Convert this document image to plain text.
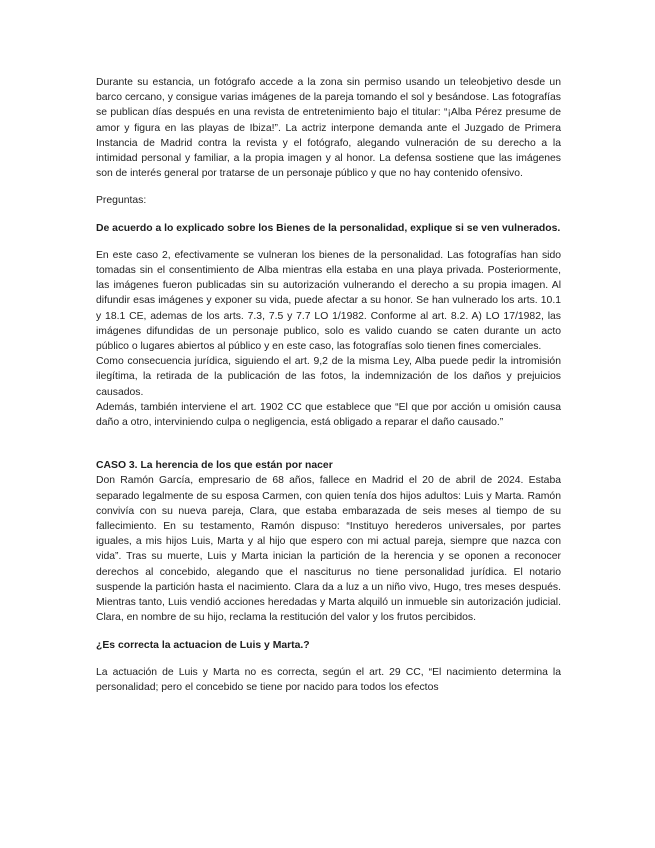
Durante su estancia, un fotógrafo accede a la zona sin permiso usando un teleobjetivo desde un barco cercano, y consigue varias imágenes de la pareja tomando el sol y besándose. Las fotografías se publican días después en una revista de entretenimiento bajo el titular: “¡Alba Pérez presume de amor y figura en las playas de Ibiza!”. La actriz interpone demanda ante el Juzgado de Primera Instancia de Madrid contra la revista y el fotógrafo, alegando vulneración de su derecho a la intimidad personal y familiar, a la propia imagen y al honor. La defensa sostiene que las imágenes son de interés general por tratarse de un personaje público y que no hay contenido ofensivo.

Preguntas:

De acuerdo a lo explicado sobre los Bienes de la personalidad, explique si se ven vulnerados.

En este caso 2, efectivamente se vulneran los bienes de la personalidad. Las fotografías han sido tomadas sin el consentimiento de Alba mientras ella estaba en una playa privada. Posteriormente, las imágenes fueron publicadas sin su autorización vulnerando el derecho a su propia imagen. Al difundir esas imágenes y exponer su vida, puede afectar a su honor. Se han vulnerado los arts. 10.1 y 18.1 CE, ademas de los arts. 7.3, 7.5 y 7.7 LO 1/1982. Conforme al art. 8.2. A) LO 17/1982, las imágenes difundidas de un personaje publico, solo es valido cuando se caten durante un acto público o lugares abiertos al público y en este caso, las fotografías solo tienen fines comerciales.

Como consecuencia jurídica, siguiendo el art. 9,2 de la misma Ley, Alba puede pedir la intromisión ilegítima, la retirada de la publicación de las fotos, la indemnización de los daños y prejuicios causados.

Además, también interviene el art. 1902 CC que establece que “El que por acción u omisión causa daño a otro, interviniendo culpa o negligencia, está obligado a reparar el daño causado.”

CASO 3. La herencia de los que están por nacer

Don Ramón García, empresario de 68 años, fallece en Madrid el 20 de abril de 2024. Estaba separado legalmente de su esposa Carmen, con quien tenía dos hijos adultos: Luis y Marta. Ramón convivía con su nueva pareja, Clara, que estaba embarazada de seis meses al tiempo de su fallecimiento. En su testamento, Ramón dispuso: “Instituyo herederos universales, por partes iguales, a mis hijos Luis, Marta y al hijo que espero con mi actual pareja, siempre que nazca con vida”. Tras su muerte, Luis y Marta inician la partición de la herencia y se oponen a reconocer derechos al concebido, alegando que el nasciturus no tiene personalidad jurídica. El notario suspende la partición hasta el nacimiento. Clara da a luz a un niño vivo, Hugo, tres meses después. Mientras tanto, Luis vendió acciones heredadas y Marta alquiló un inmueble sin autorización judicial. Clara, en nombre de su hijo, reclama la restitución del valor y los frutos percibidos.

¿Es correcta la actuacion de Luis y Marta.?

La actuación de Luis y Marta no es correcta, según el art. 29 CC, “El nacimiento determina la personalidad; pero el concebido se tiene por nacido para todos los efectos
